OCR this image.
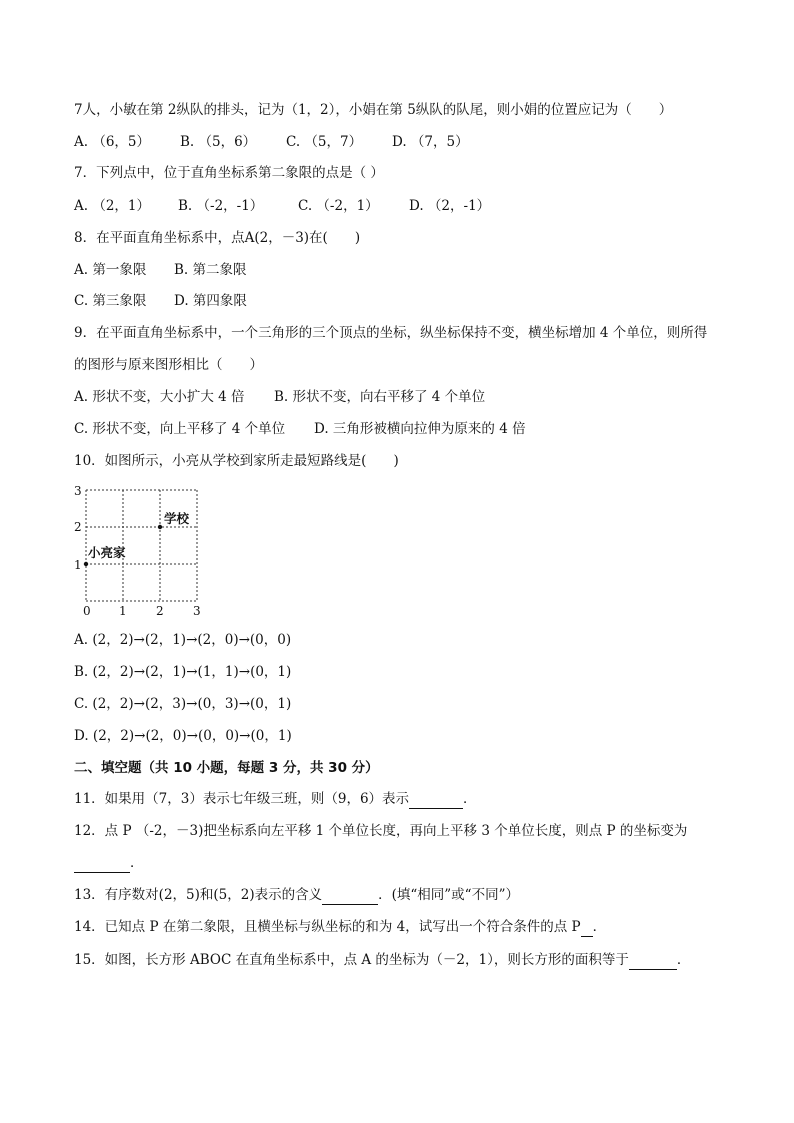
7人，小敏在第 2纵队的排头，记为（1，2），小娟在第 5纵队的队尾，则小娟的位置应记为（　　）
A. （6，5） B. （5，6） C. （5，7） D. （7，5）
7．下列点中，位于直角坐标系第二象限的点是（ ）
A. （2，1） B. （-2，-1）	C. （-2，1） D. （2，-1）
8．在平面直角坐标系中，点A(2，－3)在(　　)
A. 第一象限 B. 第二象限
C. 第三象限 D. 第四象限
9．在平面直角坐标系中，一个三角形的三个顶点的坐标，纵坐标保持不变，横坐标增加 4 个单位，则所得
的图形与原来图形相比（　　）
A. 形状不变，大小扩大 4 倍 B. 形状不变，向右平移了 4 个单位
C. 形状不变，向上平移了 4 个单位 D. 三角形被横向拉伸为原来的 4 倍
10．如图所示，小亮从学校到家所走最短路线是(　　)
3
2
1
0 1 2 3
学校
小亮家
A. (2，2)→(2，1)→(2，0)→(0，0)
B. (2，2)→(2，1)→(1，1)→(0，1)
C. (2，2)→(2，3)→(0，3)→(0，1)
D. (2，2)→(2，0)→(0，0)→(0，1)
二、填空题（共 10 小题，每题 3 分，共 30 分）
11．如果用（7，3）表示七年级三班，则（9，6）表示	．
12．点 P （-2，－3)把坐标系向左平移 1 个单位长度，再向上平移 3 个单位长度，则点 P 的坐标变为
．
13．有序数对(2，5)和(5，2)表示的含义	．(填“相同”或“不同”）
14．已知点 P 在第二象限，且横坐标与纵坐标的和为 4，试写出一个符合条件的点 P ．
15．如图，长方形 ABOC 在直角坐标系中，点 A 的坐标为（－2，1），则长方形的面积等于	．
